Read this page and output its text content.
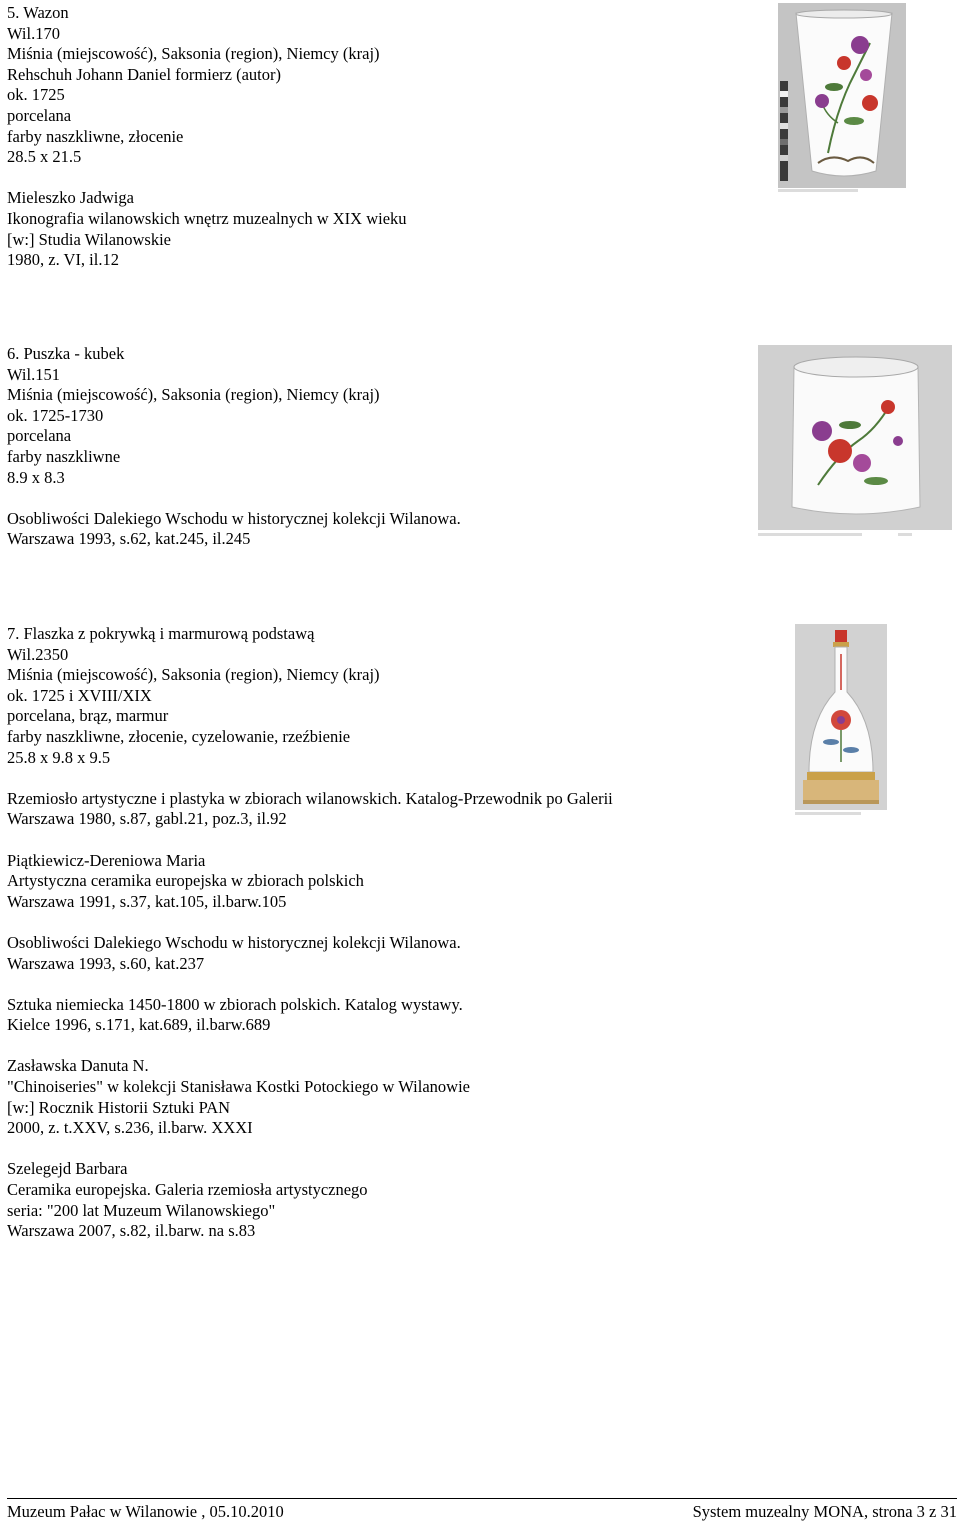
5. Wazon
Wil.170
Miśnia (miejscowość), Saksonia (region), Niemcy (kraj)
Rehschuh Johann Daniel formierz (autor)
ok. 1725
porcelana
farby naszkliwne, złocenie
28.5 x 21.5
Mieleszko Jadwiga
Ikonografia wilanowskich wnętrz muzealnych w XIX wieku
[w:] Studia Wilanowskie
1980, z. VI, il.12
6. Puszka - kubek
Wil.151
Miśnia (miejscowość), Saksonia (region), Niemcy (kraj)
ok. 1725-1730
porcelana
farby naszkliwne
8.9 x 8.3
Osobliwości Dalekiego Wschodu w historycznej kolekcji Wilanowa.
Warszawa 1993, s.62, kat.245, il.245
7. Flaszka z pokrywką i marmurową podstawą
Wil.2350
Miśnia (miejscowość), Saksonia (region), Niemcy (kraj)
ok. 1725 i XVIII/XIX
porcelana, brąz, marmur
farby naszkliwne, złocenie, cyzelowanie, rzeźbienie
25.8 x 9.8 x 9.5
Rzemiosło artystyczne i plastyka w zbiorach wilanowskich. Katalog-Przewodnik po Galerii
Warszawa 1980, s.87, gabl.21, poz.3, il.92
Piątkiewicz-Dereniowa Maria
Artystyczna ceramika europejska w zbiorach polskich
Warszawa 1991, s.37, kat.105, il.barw.105
Osobliwości Dalekiego Wschodu w historycznej kolekcji Wilanowa.
Warszawa 1993, s.60, kat.237
Sztuka niemiecka 1450-1800 w zbiorach polskich. Katalog wystawy.
Kielce 1996, s.171, kat.689, il.barw.689
Zasławska Danuta N.
"Chinoiseries" w kolekcji Stanisława Kostki Potockiego w Wilanowie
[w:] Rocznik Historii Sztuki PAN
2000, z. t.XXV, s.236, il.barw. XXXI
Szelegejd Barbara
Ceramika europejska. Galeria rzemiosła artystycznego
seria: "200 lat Muzeum Wilanowskiego"
Warszawa 2007, s.82, il.barw. na s.83
Muzeum Pałac w Wilanowie , 05.10.2010	System muzealny MONA, strona 3 z 31
